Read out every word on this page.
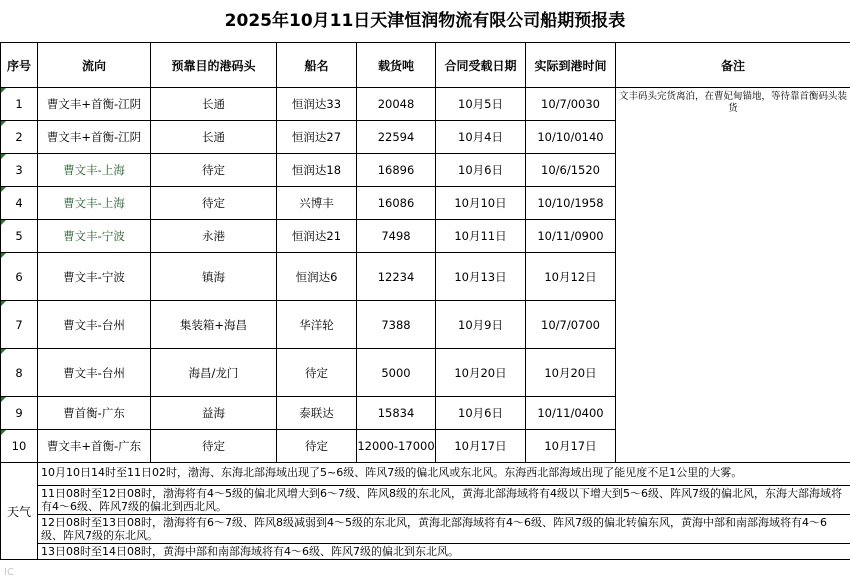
2025年10月11日天津恒润物流有限公司船期预报表
序号	流向	预靠目的港码头	船名	载货吨	合同受载日期	实际到港时间	备注
1	曹文丰+首衡-江阴	长通	恒润达33	20048	10月5日	10/7/0030	文丰码头完货离泊，在曹妃甸锚地，等待靠首衡码头装货
2	曹文丰+首衡-江阴	长通	恒润达27	22594	10月4日	10/10/0140	
3	曹文丰-上海	待定	恒润达18	16896	10月6日	10/6/1520	
4	曹文丰-上海	待定	兴博丰	16086	10月10日	10/10/1958	
5	曹文丰-宁波	永港	恒润达21	7498	10月11日	10/11/0900	
6	曹文丰-宁波	镇海	恒润达6	12234	10月13日	10月12日	
7	曹文丰-台州	集装箱+海昌	华洋轮	7388	10月9日	10/7/0700	
8	曹文丰-台州	海昌/龙门	待定	5000	10月20日	10月20日	
9	曹首衡-广东	益海	泰联达	15834	10月6日	10/11/0400	
10	曹文丰+首衡-广东	待定	待定	12000-17000	10月17日	10月17日	
天气	10月10日14时至11日02时，渤海、东海北部海域出现了5~6级、阵风7级的偏北风或东北风。东海西北部海域出现了能见度不足1公里的大雾。
11日08时至12日08时，渤海将有4～5级的偏北风增大到6～7级、阵风8级的东北风，黄海北部海域将有4级以下增大到5～6级、阵风7级的偏北风，东海大部海域将有4～6级、阵风7级的偏北到西北风。
12日08时至13日08时，渤海将有6～7级、阵风8级减弱到4～5级的东北风，黄海北部海域将有4～6级、阵风7级的偏北转偏东风，黄海中部和南部海域将有4～6级、阵风7级的东北风。
13日08时至14日08时，黄海中部和南部海域将有4～6级、阵风7级的偏北到东北风。						
IC
